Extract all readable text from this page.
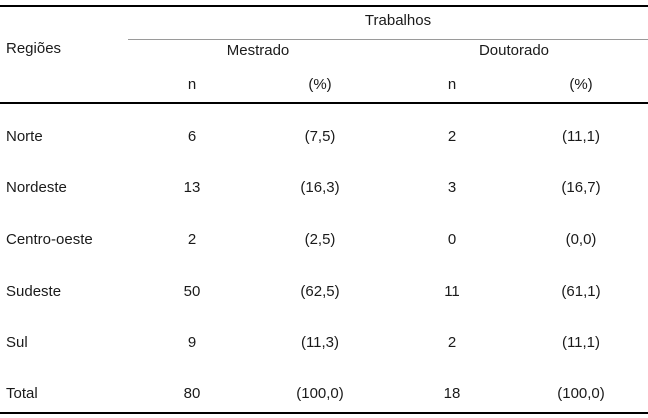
Regiões
Trabalhos
Mestrado	Doutorado
n	(%)	n	(%)
Norte	6	(7,5)	2	(11,1)
Nordeste	13	(16,3)	3	(16,7)
Centro-oeste	2	(2,5)	0	(0,0)
Sudeste	50	(62,5)	11	(61,1)
Sul	9	(11,3)	2	(11,1)
Total	80	(100,0)	18	(100,0)
